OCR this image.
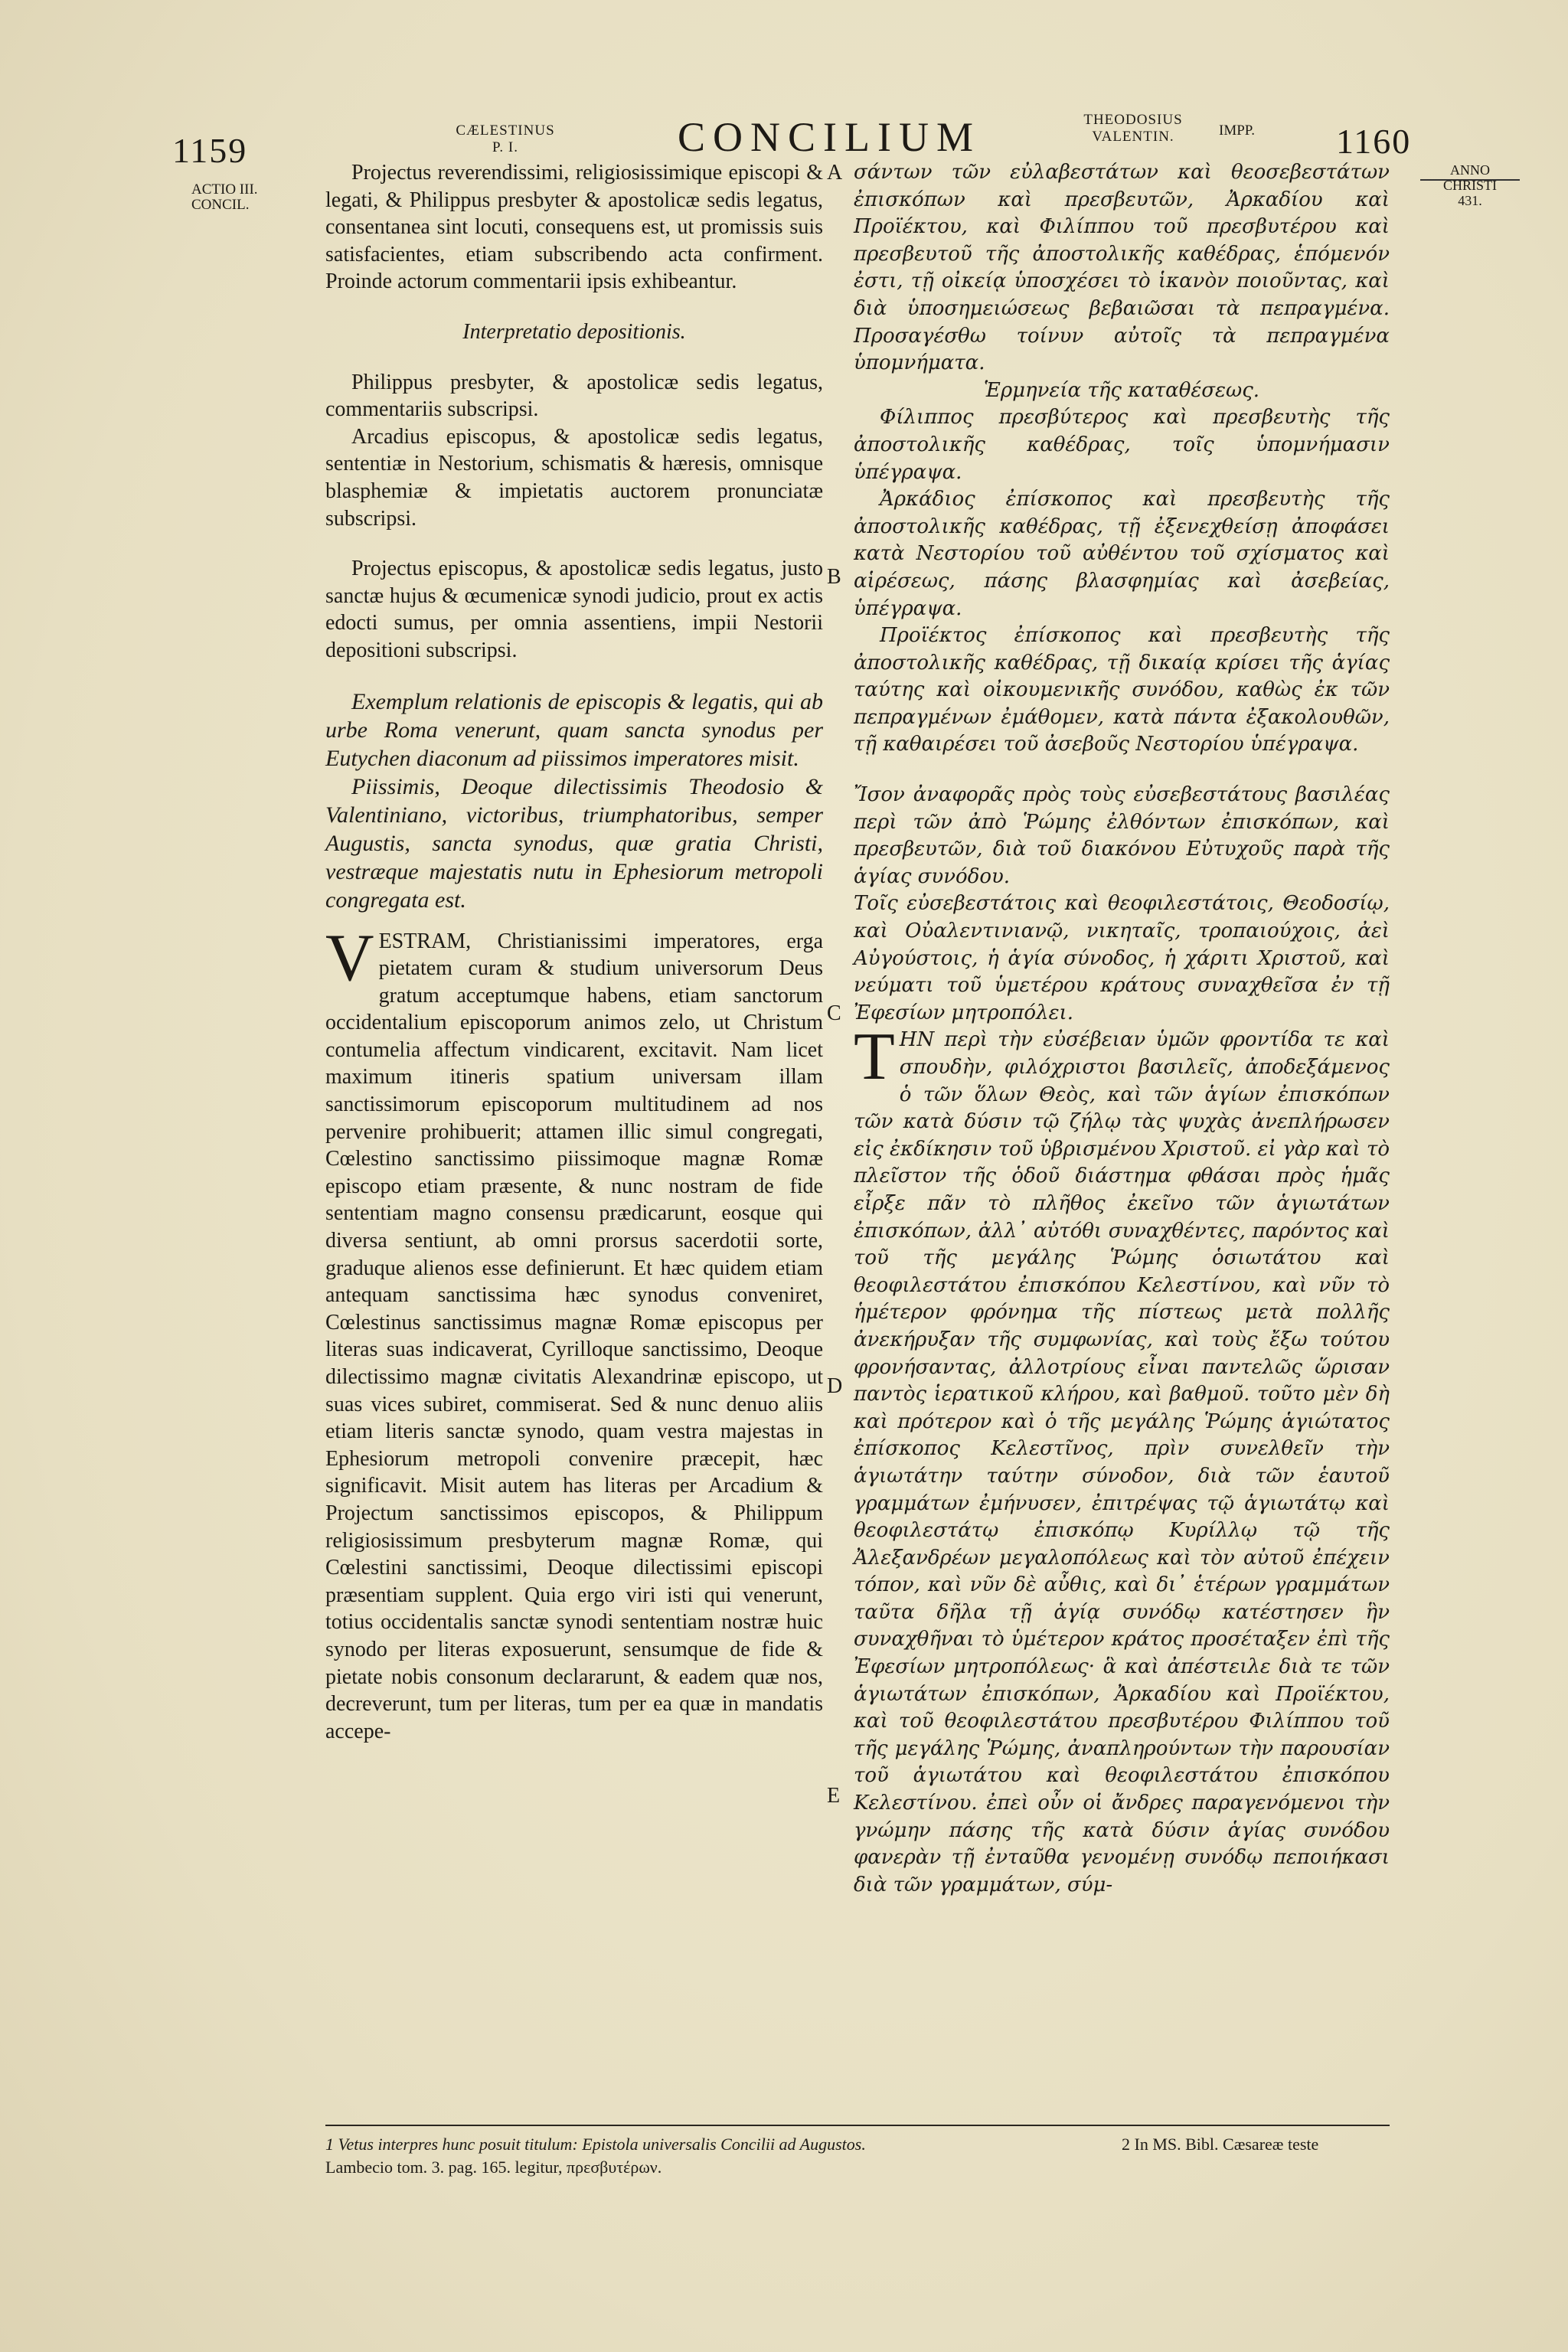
1159
CÆLESTINUS
P. I.	CONCILIUM	THEODOSIUS
VALENTIN.	IMPP. 1160
ACTIO III.
CONCIL.
ANNO
CHRISTI
431.
A
B
C
D
E

Projectus reverendissimi, religiosissimique episcopi & legati, & Philippus presbyter & apostolicæ sedis legatus, consentanea sint locuti, consequens est, ut promissis suis satisfacientes, etiam subscribendo acta confirment. Proinde actorum commentarii ipsis exhibeantur.

Interpretatio depositionis.

Philippus presbyter, & apostolicæ sedis legatus, commentariis subscripsi.

Arcadius episcopus, & apostolicæ sedis legatus, sententiæ in Nestorium, schismatis & hæresis, omnisque blasphemiæ & impietatis auctorem pronunciatæ subscripsi.

Projectus episcopus, & apostolicæ sedis legatus, justo sanctæ hujus & œcumenicæ synodi judicio, prout ex actis edocti sumus, per omnia assentiens, impii Nestorii depositioni subscripsi.

Exemplum relationis de episcopis & legatis, qui ab urbe Roma venerunt, quam sancta synodus per Eutychen diaconum ad piissimos imperatores misit.

Piissimis, Deoque dilectissimis Theodosio & Valentiniano, victoribus, triumphatoribus, semper Augustis, sancta synodus, quæ gratia Christi, vestræque majestatis nutu in Ephesiorum metropoli congregata est.

VESTRAM, Christianissimi imperatores, erga pietatem curam & studium universorum Deus gratum acceptumque habens, etiam sanctorum occidentalium episcoporum animos zelo, ut Christum contumelia affectum vindicarent, excitavit. Nam licet maximum itineris spatium universam illam sanctissimorum episcoporum multitudinem ad nos pervenire prohibuerit; attamen illic simul congregati, Cœlestino sanctissimo piissimoque magnæ Romæ episcopo etiam præsente, & nunc nostram de fide sententiam magno consensu prædicarunt, eosque qui diversa sentiunt, ab omni prorsus sacerdotii sorte, graduque alienos esse definierunt. Et hæc quidem etiam antequam sanctissima hæc synodus conveniret, Cœlestinus sanctissimus magnæ Romæ episcopus per literas suas indicaverat, Cyrilloque sanctissimo, Deoque dilectissimo magnæ civitatis Alexandrinæ episcopo, ut suas vices subiret, commiserat. Sed & nunc denuo aliis etiam literis sanctæ synodo, quam vestra majestas in Ephesiorum metropoli convenire præcepit, hæc significavit. Misit autem has literas per Arcadium & Projectum sanctissimos episcopos, & Philippum religiosissimum presbyterum magnæ Romæ, qui Cœlestini sanctissimi, Deoque dilectissimi episcopi præsentiam supplent. Quia ergo viri isti qui venerunt, totius occidentalis sanctæ synodi sententiam nostræ huic synodo per literas exposuerunt, sensumque de fide & pietate nobis consonum declararunt, & eadem quæ nos, decreverunt, tum per literas, tum per ea quæ in mandatis accepe-

σάντων τῶν εὐλαβεστάτων καὶ θεοσεβεστάτων ἐπισκόπων καὶ πρεσβευτῶν, Ἀρκαδίου καὶ Προϊέκτου, καὶ Φιλίππου τοῦ πρεσβυτέρου καὶ πρεσβευτοῦ τῆς ἀποστολικῆς καθέδρας, ἑπόμενόν ἐστι, τῇ οἰκείᾳ ὑποσχέσει τὸ ἱκανὸν ποιοῦντας, καὶ διὰ ὑποσημειώσεως βεβαιῶσαι τὰ πεπραγμένα. Προσαγέσθω τοίνυν αὐτοῖς τὰ πεπραγμένα ὑπομνήματα.

Ἑρμηνεία τῆς καταθέσεως.

Φίλιππος πρεσβύτερος καὶ πρεσβευτὴς τῆς ἀποστολικῆς καθέδρας, τοῖς ὑπομνήμασιν ὑπέγραψα.

Ἀρκάδιος ἐπίσκοπος καὶ πρεσβευτὴς τῆς ἀποστολικῆς καθέδρας, τῇ ἐξενεχθείσῃ ἀποφάσει κατὰ Νεστορίου τοῦ αὐθέντου τοῦ σχίσματος καὶ αἱρέσεως, πάσης βλασφημίας καὶ ἀσεβείας, ὑπέγραψα.

Προϊέκτος ἐπίσκοπος καὶ πρεσβευτὴς τῆς ἀποστολικῆς καθέδρας, τῇ δικαίᾳ κρίσει τῆς ἁγίας ταύτης καὶ οἰκουμενικῆς συνόδου, καθὼς ἐκ τῶν πεπραγμένων ἐμάθομεν, κατὰ πάντα ἐξακολουθῶν, τῇ καθαιρέσει τοῦ ἀσεβοῦς Νεστορίου ὑπέγραψα.

Ἴσον ἀναφορᾶς πρὸς τοὺς εὐσεβεστάτους βασιλέας περὶ τῶν ἀπὸ Ῥώμης ἐλθόντων ἐπισκόπων, καὶ πρεσβευτῶν, διὰ τοῦ διακόνου Εὐτυχοῦς παρὰ τῆς ἁγίας συνόδου.

Τοῖς εὐσεβεστάτοις καὶ θεοφιλεστάτοις, Θεοδοσίῳ, καὶ Οὐαλεντινιανῷ, νικηταῖς, τροπαιούχοις, ἀεὶ Αὐγούστοις, ἡ ἁγία σύνοδος, ἡ χάριτι Χριστοῦ, καὶ νεύματι τοῦ ὑμετέρου κράτους συναχθεῖσα ἐν τῇ Ἐφεσίων μητροπόλει.

ΤΗΝ περὶ τὴν εὐσέβειαν ὑμῶν φροντίδα τε καὶ σπουδὴν, φιλόχριστοι βασιλεῖς, ἀποδεξάμενος ὁ τῶν ὅλων Θεὸς, καὶ τῶν ἁγίων ἐπισκόπων τῶν κατὰ δύσιν τῷ ζήλῳ τὰς ψυχὰς ἀνεπλήρωσεν εἰς ἐκδίκησιν τοῦ ὑβρισμένου Χριστοῦ. εἰ γὰρ καὶ τὸ πλεῖστον τῆς ὁδοῦ διάστημα φθάσαι πρὸς ἡμᾶς εἶρξε πᾶν τὸ πλῆθος ἐκεῖνο τῶν ἁγιωτάτων ἐπισκόπων, ἀλλ᾽ αὐτόθι συναχθέντες, παρόντος καὶ τοῦ τῆς μεγάλης Ῥώμης ὁσιωτάτου καὶ θεοφιλεστάτου ἐπισκόπου Κελεστίνου, καὶ νῦν τὸ ἡμέτερον φρόνημα τῆς πίστεως μετὰ πολλῆς ἀνεκήρυξαν τῆς συμφωνίας, καὶ τοὺς ἔξω τούτου φρονήσαντας, ἀλλοτρίους εἶναι παντελῶς ὥρισαν παντὸς ἱερατικοῦ κλήρου, καὶ βαθμοῦ. τοῦτο μὲν δὴ καὶ πρότερον καὶ ὁ τῆς μεγάλης Ῥώμης ἁγιώτατος ἐπίσκοπος Κελεστῖνος, πρὶν συνελθεῖν τὴν ἁγιωτάτην ταύτην σύνοδον, διὰ τῶν ἑαυτοῦ γραμμάτων ἐμήνυσεν, ἐπιτρέψας τῷ ἁγιωτάτῳ καὶ θεοφιλεστάτῳ ἐπισκόπῳ Κυρίλλῳ τῷ τῆς Ἀλεξανδρέων μεγαλοπόλεως καὶ τὸν αὐτοῦ ἐπέχειν τόπον, καὶ νῦν δὲ αὖθις, καὶ δι᾽ ἑτέρων γραμμάτων ταῦτα δῆλα τῇ ἁγίᾳ συνόδῳ κατέστησεν ἣν συναχθῆναι τὸ ὑμέτερον κράτος προσέταξεν ἐπὶ τῆς Ἐφεσίων μητροπόλεως· ἃ καὶ ἀπέστειλε διὰ τε τῶν ἁγιωτάτων ἐπισκόπων, Ἀρκαδίου καὶ Προϊέκτου, καὶ τοῦ θεοφιλεστάτου πρεσβυτέρου Φιλίππου τοῦ τῆς μεγάλης Ῥώμης, ἀναπληρούντων τὴν παρουσίαν τοῦ ἁγιωτάτου καὶ θεοφιλεστάτου ἐπισκόπου Κελεστίνου. ἐπεὶ οὖν οἱ ἄνδρες παραγενόμενοι τὴν γνώμην πάσης τῆς κατὰ δύσιν ἁγίας συνόδου φανερὰν τῇ ἐνταῦθα γενομένῃ συνόδῳ πεποιήκασι διὰ τῶν γραμμάτων, σύμ-

1 Vetus interpres hunc posuit titulum: Epistola universalis Concilii ad Augustos.	2 In MS. Bibl. Cæsareæ teste
Lambecio tom. 3. pag. 165. legitur, πρεσβυτέρων.
